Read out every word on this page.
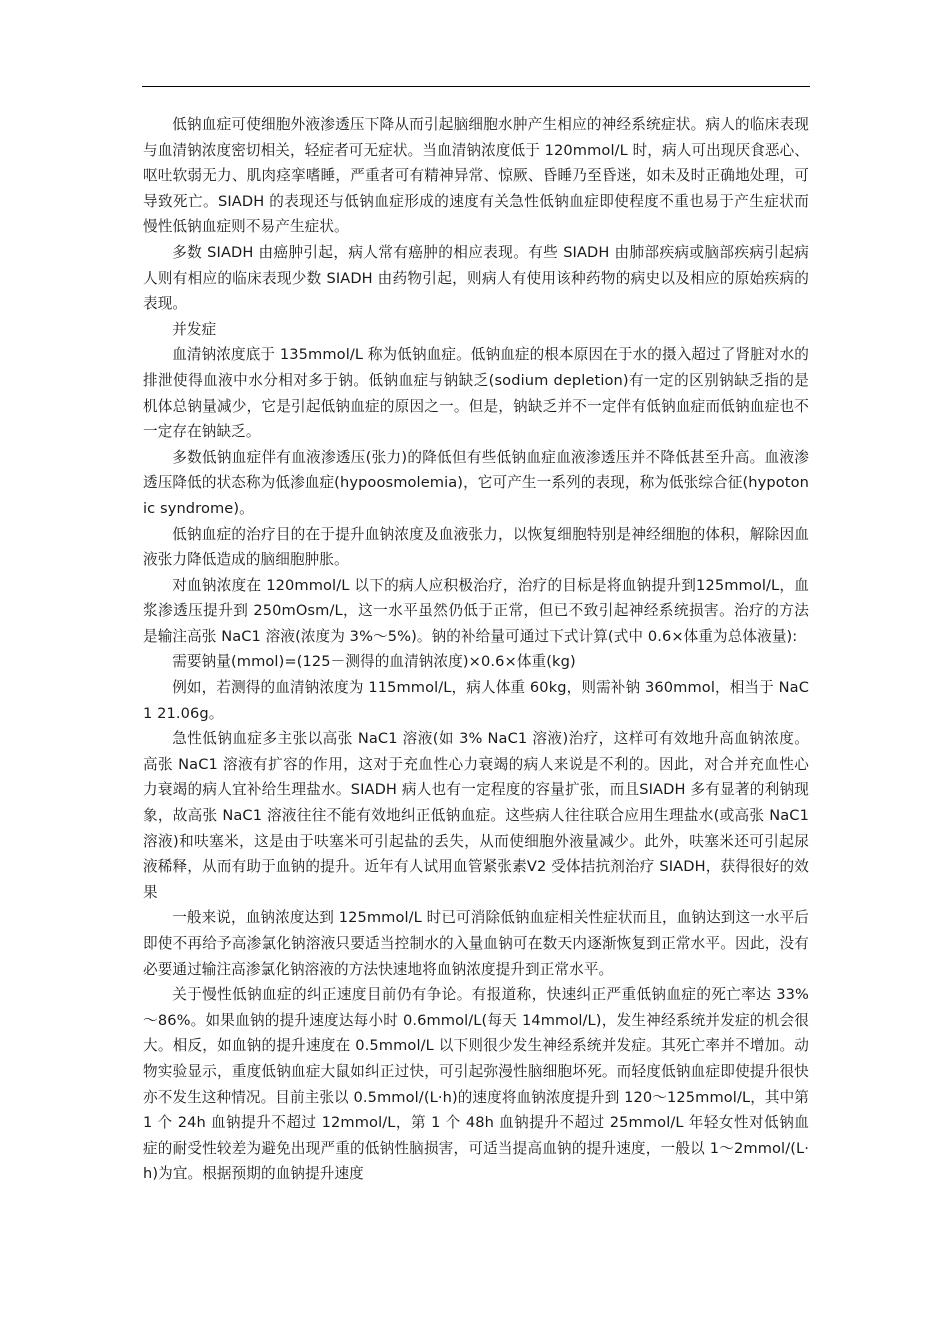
低钠血症可使细胞外液渗透压下降从而引起脑细胞水肿产生相应的神经系统症状。病人的临床表现与血清钠浓度密切相关，轻症者可无症状。当血清钠浓度低于 120mmol/L 时，病人可出现厌食恶心、呕吐软弱无力、肌肉痉挛嗜睡，严重者可有精神异常、惊厥、昏睡乃至昏迷，如未及时正确地处理，可导致死亡。SIADH 的表现还与低钠血症形成的速度有关急性低钠血症即使程度不重也易于产生症状而慢性低钠血症则不易产生症状。

多数 SIADH 由癌肿引起，病人常有癌肿的相应表现。有些 SIADH 由肺部疾病或脑部疾病引起病人则有相应的临床表现少数 SIADH 由药物引起，则病人有使用该种药物的病史以及相应的原始疾病的表现。

并发症

血清钠浓度底于 135mmol/L 称为低钠血症。低钠血症的根本原因在于水的摄入超过了肾脏对水的排泄使得血液中水分相对多于钠。低钠血症与钠缺乏(sodium depletion)有一定的区别钠缺乏指的是机体总钠量减少，它是引起低钠血症的原因之一。但是，钠缺乏并不一定伴有低钠血症而低钠血症也不一定存在钠缺乏。

多数低钠血症伴有血液渗透压(张力)的降低但有些低钠血症血液渗透压并不降低甚至升高。血液渗透压降低的状态称为低渗血症(hypoosmolemia)，它可产生一系列的表现，称为低张综合征(hypotonic syndrome)。

低钠血症的治疗目的在于提升血钠浓度及血液张力，以恢复细胞特别是神经细胞的体积，解除因血液张力降低造成的脑细胞肿胀。

对血钠浓度在 120mmol/L 以下的病人应积极治疗，治疗的目标是将血钠提升到125mmol/L，血浆渗透压提升到 250mOsm/L，这一水平虽然仍低于正常，但已不致引起神经系统损害。治疗的方法是输注高张 NaC1 溶液(浓度为 3%～5%)。钠的补给量可通过下式计算(式中 0.6×体重为总体液量):

需要钠量(mmol)=(125－测得的血清钠浓度)×0.6×体重(kg)

例如，若测得的血清钠浓度为 115mmol/L，病人体重 60kg，则需补钠 360mmol，相当于 NaC1 21.06g。

急性低钠血症多主张以高张 NaC1 溶液(如 3% NaC1 溶液)治疗，这样可有效地升高血钠浓度。高张 NaC1 溶液有扩容的作用，这对于充血性心力衰竭的病人来说是不利的。因此，对合并充血性心力衰竭的病人宜补给生理盐水。SIADH 病人也有一定程度的容量扩张，而且SIADH 多有显著的利钠现象，故高张 NaC1 溶液往往不能有效地纠正低钠血症。这些病人往往联合应用生理盐水(或高张 NaC1 溶液)和呋塞米，这是由于呋塞米可引起盐的丢失，从而使细胞外液量减少。此外，呋塞米还可引起尿液稀释，从而有助于血钠的提升。近年有人试用血管紧张素Ⅴ2 受体拮抗剂治疗 SIADH，获得很好的效果

一般来说，血钠浓度达到 125mmol/L 时已可消除低钠血症相关性症状而且，血钠达到这一水平后即使不再给予高渗氯化钠溶液只要适当控制水的入量血钠可在数天内逐渐恢复到正常水平。因此，没有必要通过输注高渗氯化钠溶液的方法快速地将血钠浓度提升到正常水平。

关于慢性低钠血症的纠正速度目前仍有争论。有报道称，快速纠正严重低钠血症的死亡率达 33%～86%。如果血钠的提升速度达每小时 0.6mmol/L(每天 14mmol/L)，发生神经系统并发症的机会很大。相反，如血钠的提升速度在 0.5mmol/L 以下则很少发生神经系统并发症。其死亡率并不增加。动物实验显示，重度低钠血症大鼠如纠正过快，可引起弥漫性脑细胞坏死。而轻度低钠血症即使提升很快亦不发生这种情况。目前主张以 0.5mmol/(L·h)的速度将血钠浓度提升到 120～125mmol/L，其中第 1 个 24h 血钠提升不超过 12mmol/L，第 1 个 48h 血钠提升不超过 25mmol/L 年轻女性对低钠血症的耐受性较差为避免出现严重的低钠性脑损害，可适当提高血钠的提升速度，一般以 1～2mmol/(L·h)为宜。根据预期的血钠提升速度
